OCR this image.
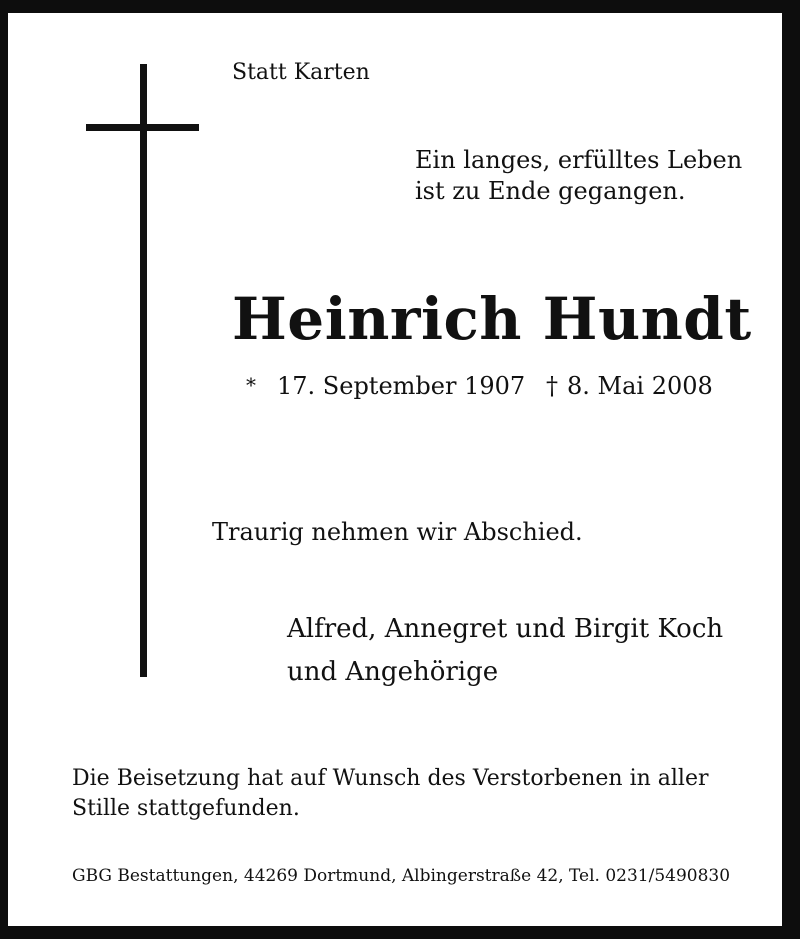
Statt Karten
Ein langes, erfülltes Leben
ist zu Ende gegangen.
Heinrich Hundt
* 17. September 1907 † 8. Mai 2008
Traurig nehmen wir Abschied.
Alfred, Annegret und Birgit Koch
und Angehörige
Die Beisetzung hat auf Wunsch des Verstorbenen in aller
Stille stattgefunden.
GBG Bestattungen, 44269 Dortmund, Albingerstraße 42, Tel. 0231/5490830
